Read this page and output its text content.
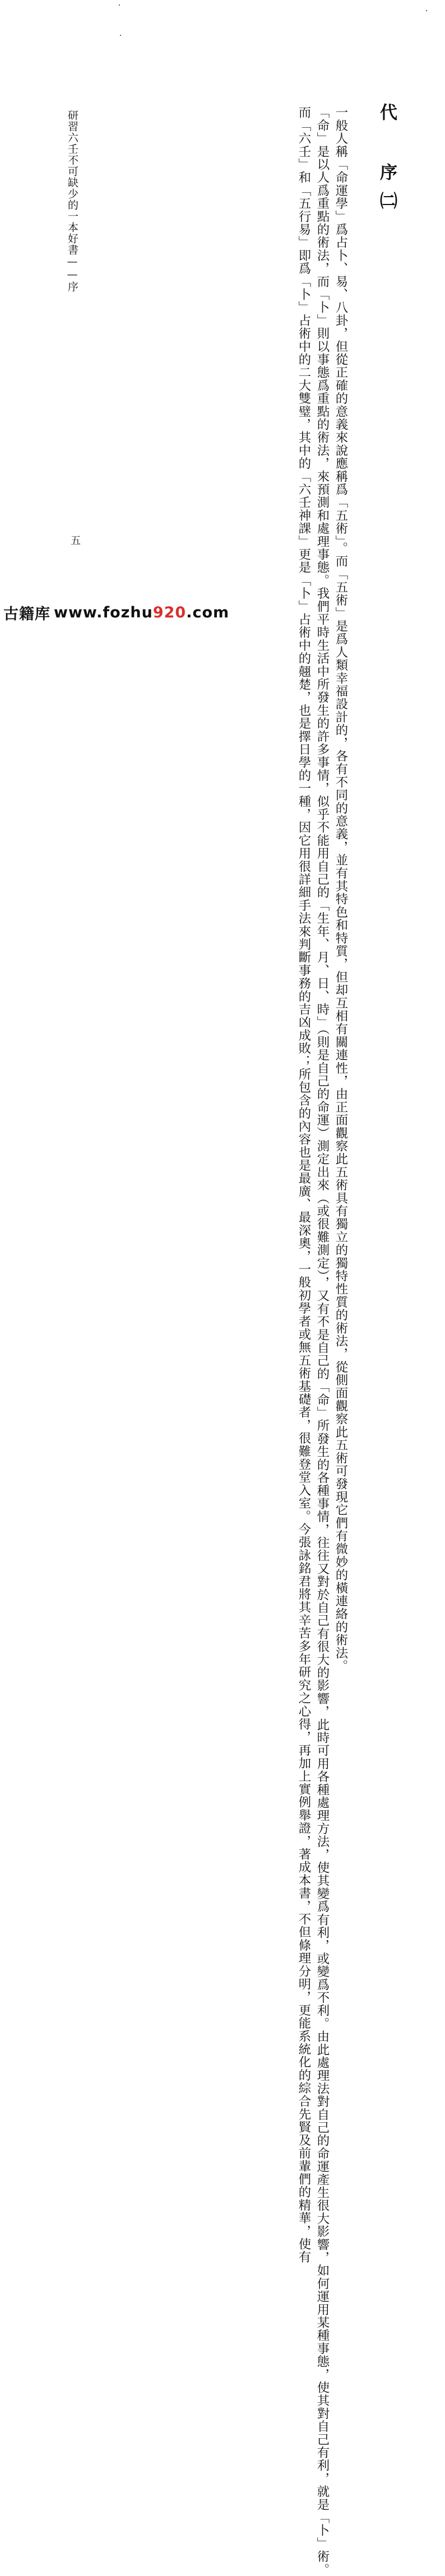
代 序㈡
一般人稱「命運學」爲占卜、易、八卦，但從正確的意義來說應稱爲「五術」。而「五術」是爲人類幸福設計的，各有不同的意義，並有其特色和特質，但却互相有關連性，由正面觀察此五術具有獨立的獨特性質的術法，從側面觀察此五術可發現它們有微妙的橫連絡的術法。
「命」是以人爲重點的術法，而「卜」則以事態爲重點的術法，來預測和處理事態。我們平時生活中所發生的許多事情，似乎不能用自己的「生年、月、日、時」（則是自己的命運）測定出來（或很難測定），又有不是自己的「命」所發生的各種事情，往往又對於自己有很大的影響，此時可用各種處理方法，使其變爲有利，或變爲不利。由此處理法對自己的命運產生很大影響，如何運用某種事態，使其對自己有利，就是「卜」術。
而「六壬」和「五行易」即爲「卜」占術中的二大雙璧，其中的「六壬神課」更是「卜」占術中的翹楚，也是擇日學的一種，因它用很詳細手法來判斷事務的吉凶成敗；所包含的內容也是最廣、最深奧，一般初學者或無五術基礎者，很難登堂入室。今張詠銘君將其辛苦多年研究之心得，再加上實例舉證，著成本書，不但條理分明，更能系統化的綜合先賢及前輩們的精華，使有
研習六壬不可缺少的一本好書——序
五
古籍库 www.fozhu920.com
